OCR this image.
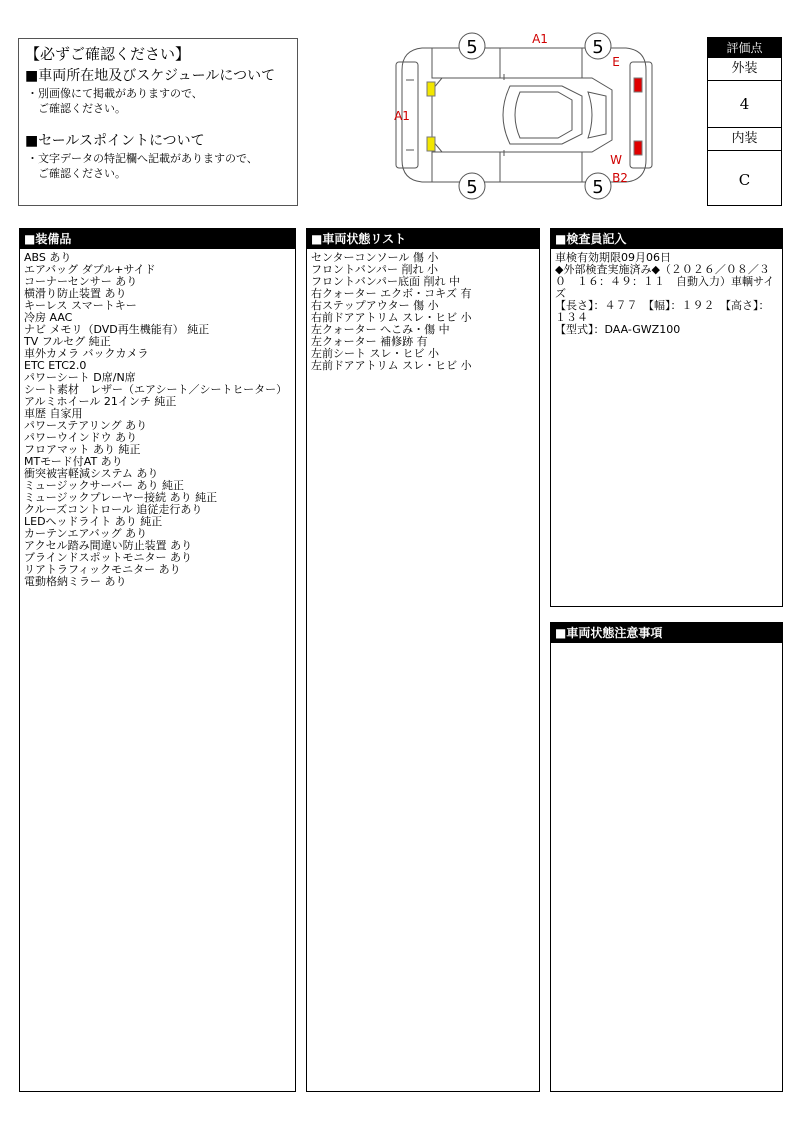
【必ずご確認ください】
■車両所在地及びスケジュールについて
・別画像にて掲載がありますので、
　ご確認ください。
■セールスポイントについて
・文字データの特記欄へ記載がありますので、
　ご確認ください。
5	5
5	5
A1
A1
E
W
B2
評価点
外装
4
内装
C
■装備品
ABS あり
エアバッグ ダブル+サイド
コーナーセンサー あり
横滑り防止装置 あり
キーレス スマートキー
冷房 AAC
ナビ メモリ（DVD再生機能有） 純正
TV フルセグ 純正
車外カメラ バックカメラ
ETC ETC2.0
パワーシート D席/N席
シート素材　レザー（エアシート／シートヒーター）
アルミホイール 21インチ 純正
車歴 自家用
パワーステアリング あり
パワーウインドウ あり
フロアマット あり 純正
MTモード付AT あり
衝突被害軽減システム あり
ミュージックサーバー あり 純正
ミュージックプレーヤー接続 あり 純正
クルーズコントロール 追従走行あり
LEDヘッドライト あり 純正
カーテンエアバッグ あり
アクセル踏み間違い防止装置 あり
ブラインドスポットモニター あり
リアトラフィックモニター あり
電動格納ミラー あり
■車両状態リスト
センターコンソール 傷 小
フロントバンパー 削れ 小
フロントバンパー底面 削れ 中
右クォーター エクボ・コキズ 有
右ステップアウター 傷 小
右前ドアアトリム スレ・ヒビ 小
左クォーター へこみ・傷 中
左クォーター 補修跡 有
左前シート スレ・ヒビ 小
左前ドアアトリム スレ・ヒビ 小
■検査員記入
車検有効期限09月06日
◆外部検査実施済み◆（２０２６／０８／３０　１６：４９：１１　自動入力）車輌サイズ
【長さ】：４７７　【幅】：１９２　【高さ】：１３４
【型式】：DAA-GWZ100
■車両状態注意事項
